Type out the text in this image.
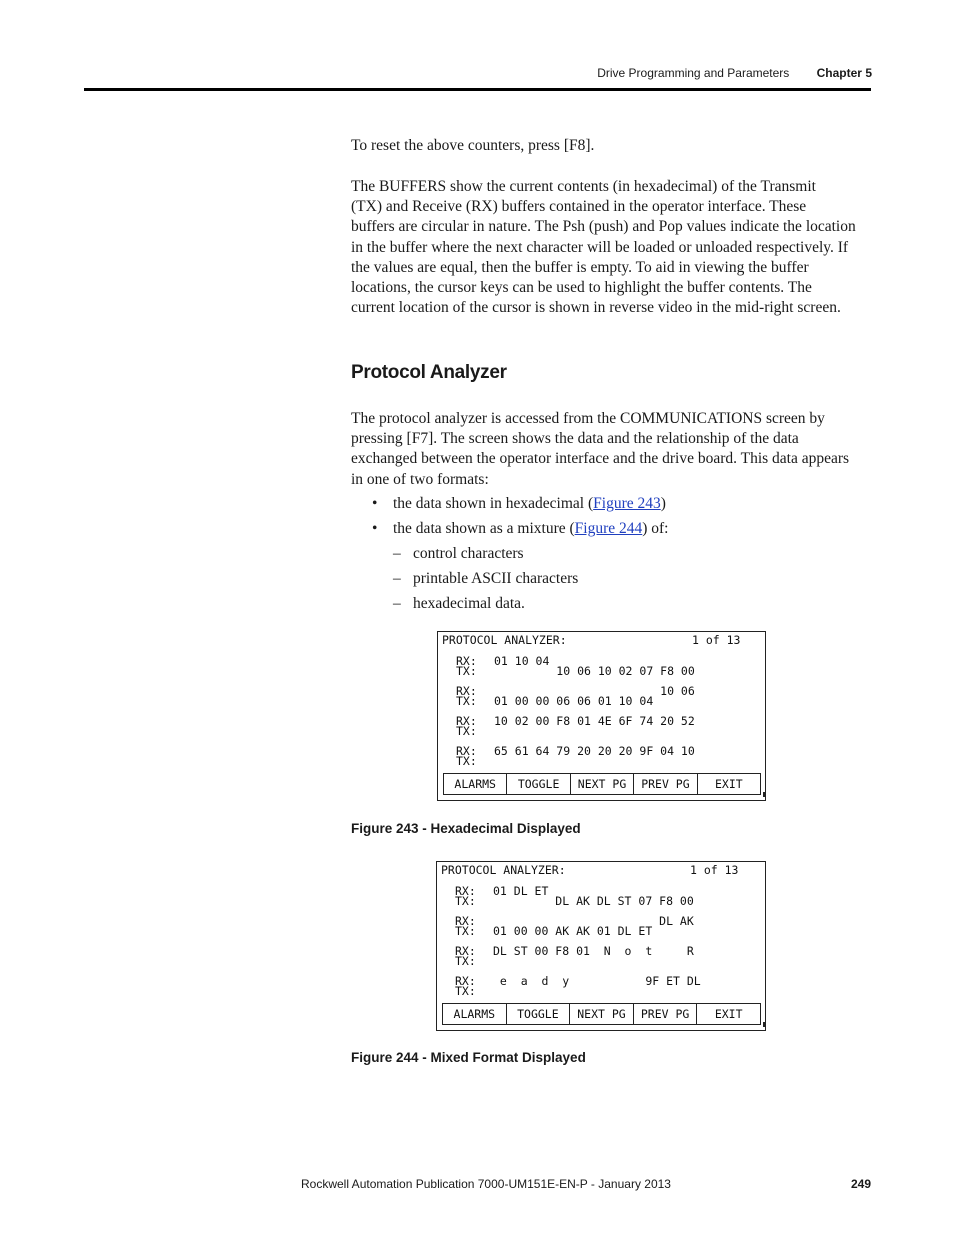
Drive Programming and Parameters Chapter 5
To reset the above counters, press [F8].
The BUFFERS show the current contents (in hexadecimal) of the Transmit
(TX) and Receive (RX) buffers contained in the operator interface. These
buffers are circular in nature. The Psh (push) and Pop values indicate the location
in the buffer where the next character will be loaded or unloaded respectively. If
the values are equal, then the buffer is empty. To aid in viewing the buffer
locations, the cursor keys can be used to highlight the buffer contents. The
current location of the cursor is shown in reverse video in the mid-right screen.
Protocol Analyzer
The protocol analyzer is accessed from the COMMUNICATIONS screen by
pressing [F7]. The screen shows the data and the relationship of the data
exchanged between the operator interface and the drive board. This data appears
in one of two formats:
• the data shown in hexadecimal (Figure 243)
• the data shown as a mixture (Figure 244) of:
– control characters
– printable ASCII characters
– hexadecimal data.
PROTOCOL ANALYZER:	1 of 13
RX: 01 10 04
TX: 10 06 10 02 07 F8 00
RX: 10 06
TX: 01 00 00 06 06 01 10 04
RX: 10 02 00 F8 01 4E 6F 74 20 52
TX:
RX: 65 61 64 79 20 20 20 9F 04 10
TX:
ALARMS	TOGGLE	NEXT PG	PREV PG	EXIT
Figure 243 - Hexadecimal Displayed
PROTOCOL ANALYZER:	1 of 13
RX: 01 DL ET
TX: DL AK DL ST 07 F8 00
RX: DL AK
TX: 01 00 00 AK AK 01 DL ET
RX: DL ST 00 F8 01  N  o  t     R
TX:
RX: e  a  d  y           9F ET DL
TX:
ALARMS	TOGGLE	NEXT PG	PREV PG	EXIT
Figure 244 - Mixed Format Displayed
Rockwell Automation Publication 7000-UM151E-EN-P - January 2013	249
